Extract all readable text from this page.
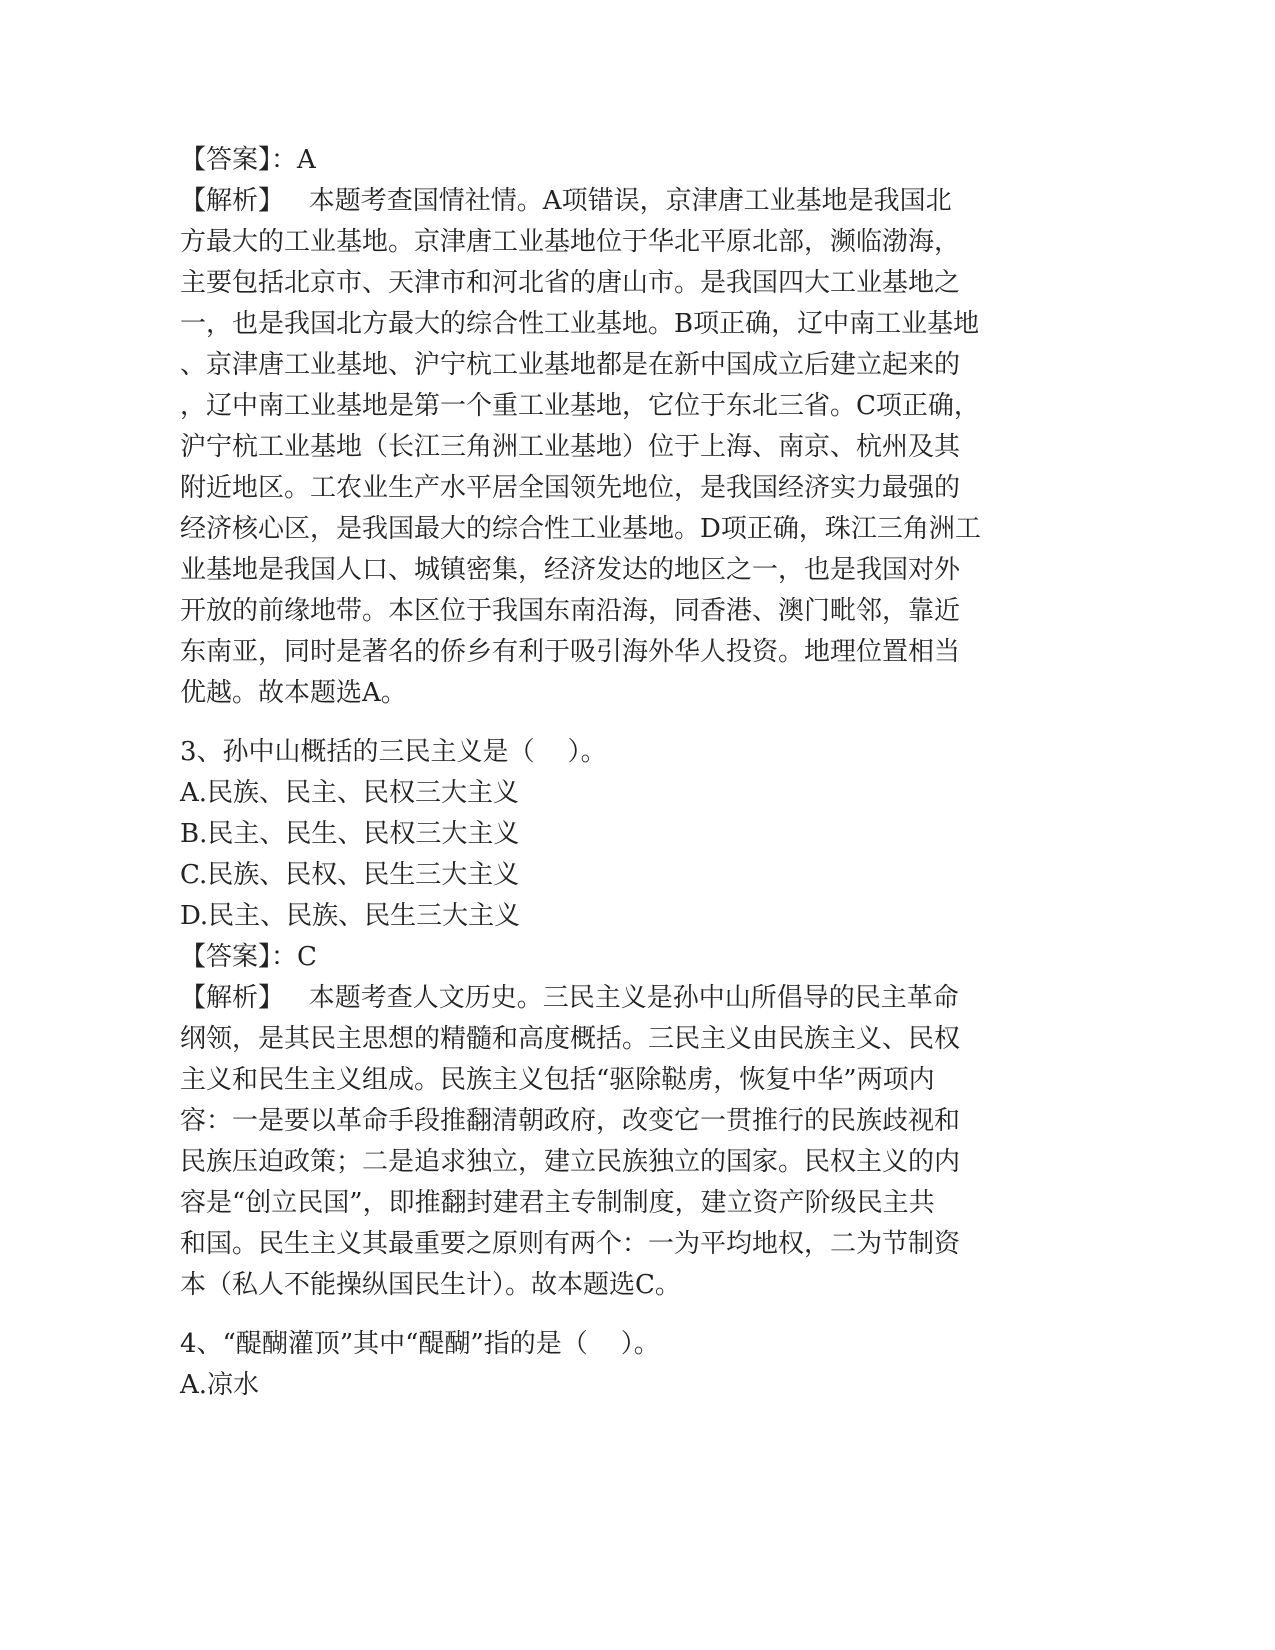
【答案】：A
【解析】   本题考查国情社情。A项错误，京津唐工业基地是我国北
方最大的工业基地。京津唐工业基地位于华北平原北部，濒临渤海，
主要包括北京市、天津市和河北省的唐山市。是我国四大工业基地之
一，也是我国北方最大的综合性工业基地。B项正确，辽中南工业基地
、京津唐工业基地、沪宁杭工业基地都是在新中国成立后建立起来的
，辽中南工业基地是第一个重工业基地，它位于东北三省。C项正确，
沪宁杭工业基地（长江三角洲工业基地）位于上海、南京、杭州及其
附近地区。工农业生产水平居全国领先地位，是我国经济实力最强的
经济核心区，是我国最大的综合性工业基地。D项正确，珠江三角洲工
业基地是我国人口、城镇密集，经济发达的地区之一，也是我国对外
开放的前缘地带。本区位于我国东南沿海，同香港、澳门毗邻，靠近
东南亚，同时是著名的侨乡有利于吸引海外华人投资。地理位置相当
优越。故本题选A。
3、孙中山概括的三民主义是（    ）。
A.民族、民主、民权三大主义
B.民主、民生、民权三大主义
C.民族、民权、民生三大主义
D.民主、民族、民生三大主义
【答案】：C
【解析】   本题考查人文历史。三民主义是孙中山所倡导的民主革命
纲领，是其民主思想的精髓和高度概括。三民主义由民族主义、民权
主义和民生主义组成。民族主义包括“驱除鞑虏，恢复中华”两项内
容：一是要以革命手段推翻清朝政府，改变它一贯推行的民族歧视和
民族压迫政策；二是追求独立，建立民族独立的国家。民权主义的内
容是“创立民国”，即推翻封建君主专制制度，建立资产阶级民主共
和国。民生主义其最重要之原则有两个：一为平均地权，二为节制资
本（私人不能操纵国民生计）。故本题选C。
4、“醍醐灌顶”其中“醍醐”指的是（    ）。
A.凉水
